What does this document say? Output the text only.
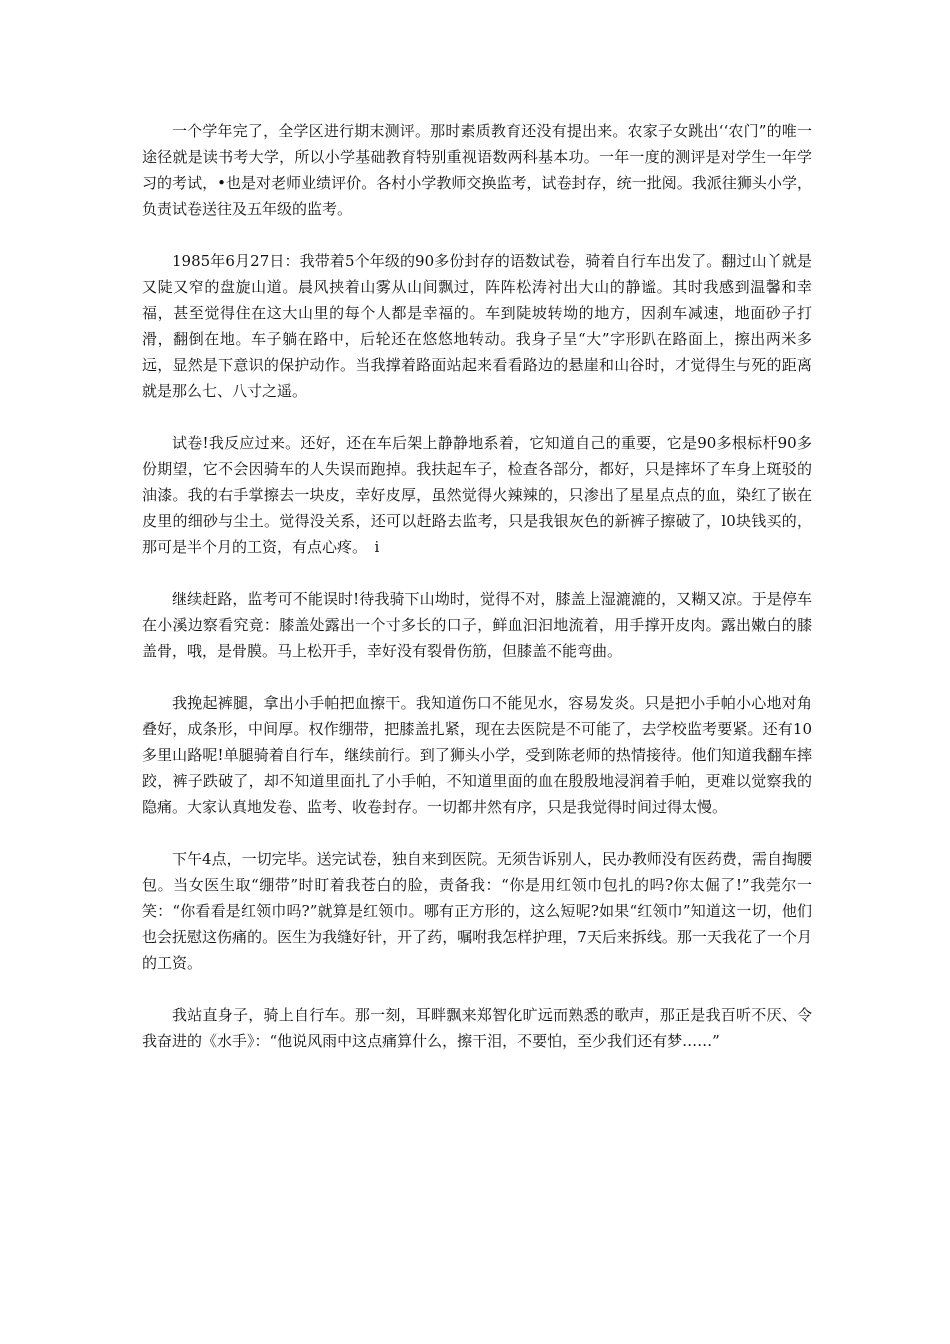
一个学年完了，全学区进行期末测评。那时素质教育还没有提出来。农家子女跳出‘‘农门”的唯一途径就是读书考大学，所以小学基础教育特别重视语数两科基本功。一年一度的测评是对学生一年学习的考试，•也是对老师业绩评价。各村小学教师交换监考，试卷封存，统一批阅。我派往狮头小学，负责试卷送往及五年级的监考。

1985年6月27日：我带着5个年级的90多份封存的语数试卷，骑着自行车出发了。翻过山丫就是又陡又窄的盘旋山道。晨风挟着山雾从山间飘过，阵阵松涛衬出大山的静谧。其时我感到温馨和幸福，甚至觉得住在这大山里的每个人都是幸福的。车到陡坡转坳的地方，因刹车减速，地面砂子打滑，翻倒在地。车子躺在路中，后轮还在悠悠地转动。我身子呈“大”字形趴在路面上，擦出两米多远，显然是下意识的保护动作。当我撑着路面站起来看看路边的悬崖和山谷时，才觉得生与死的距离就是那么七、八寸之遥。

试卷!我反应过来。还好，还在车后架上静静地系着，它知道自己的重要，它是90多根标杆90多份期望，它不会因骑车的人失误而跑掉。我扶起车子，检查各部分，都好，只是摔坏了车身上斑驳的油漆。我的右手掌擦去一块皮，幸好皮厚，虽然觉得火辣辣的，只渗出了星星点点的血，染红了嵌在皮里的细砂与尘土。觉得没关系，还可以赶路去监考，只是我银灰色的新裤子擦破了，l0块钱买的，那可是半个月的工资，有点心疼。　i

继续赶路，监考可不能误时!待我骑下山坳时，觉得不对，膝盖上湿漉漉的，又糊又凉。于是停车在小溪边察看究竟：膝盖处露出一个寸多长的口子，鲜血汩汩地流着，用手撑开皮肉。露出嫩白的膝盖骨，哦，是骨膜。马上松开手，幸好没有裂骨伤筋，但膝盖不能弯曲。

我挽起裤腿，拿出小手帕把血擦干。我知道伤口不能见水，容易发炎。只是把小手帕小心地对角叠好，成条形，中间厚。权作绷带，把膝盖扎紧，现在去医院是不可能了，去学校监考要紧。还有10多里山路呢!单腿骑着自行车，继续前行。到了狮头小学，受到陈老师的热情接待。他们知道我翻车摔跤，裤子跌破了，却不知道里面扎了小手帕，不知道里面的血在殷殷地浸润着手帕，更难以觉察我的隐痛。大家认真地发卷、监考、收卷封存。一切都井然有序，只是我觉得时间过得太慢。

下午4点，一切完毕。送完试卷，独自来到医院。无须告诉别人，民办教师没有医药费，需自掏腰包。当女医生取“绷带”时盯着我苍白的脸，责备我：“你是用红领巾包扎的吗?你太倔了!”我莞尔一笑：“你看看是红领巾吗?”就算是红领巾。哪有正方形的，这么短呢?如果“红领巾”知道这一切，他们也会抚慰这伤痛的。医生为我缝好针，开了药，嘱咐我怎样护理，7天后来拆线。那一天我花了一个月的工资。

我站直身子，骑上自行车。那一刻，耳畔飘来郑智化旷远而熟悉的歌声，那正是我百听不厌、令我奋进的《水手》：“他说风雨中这点痛算什么，擦干泪，不要怕，至少我们还有梦……”
